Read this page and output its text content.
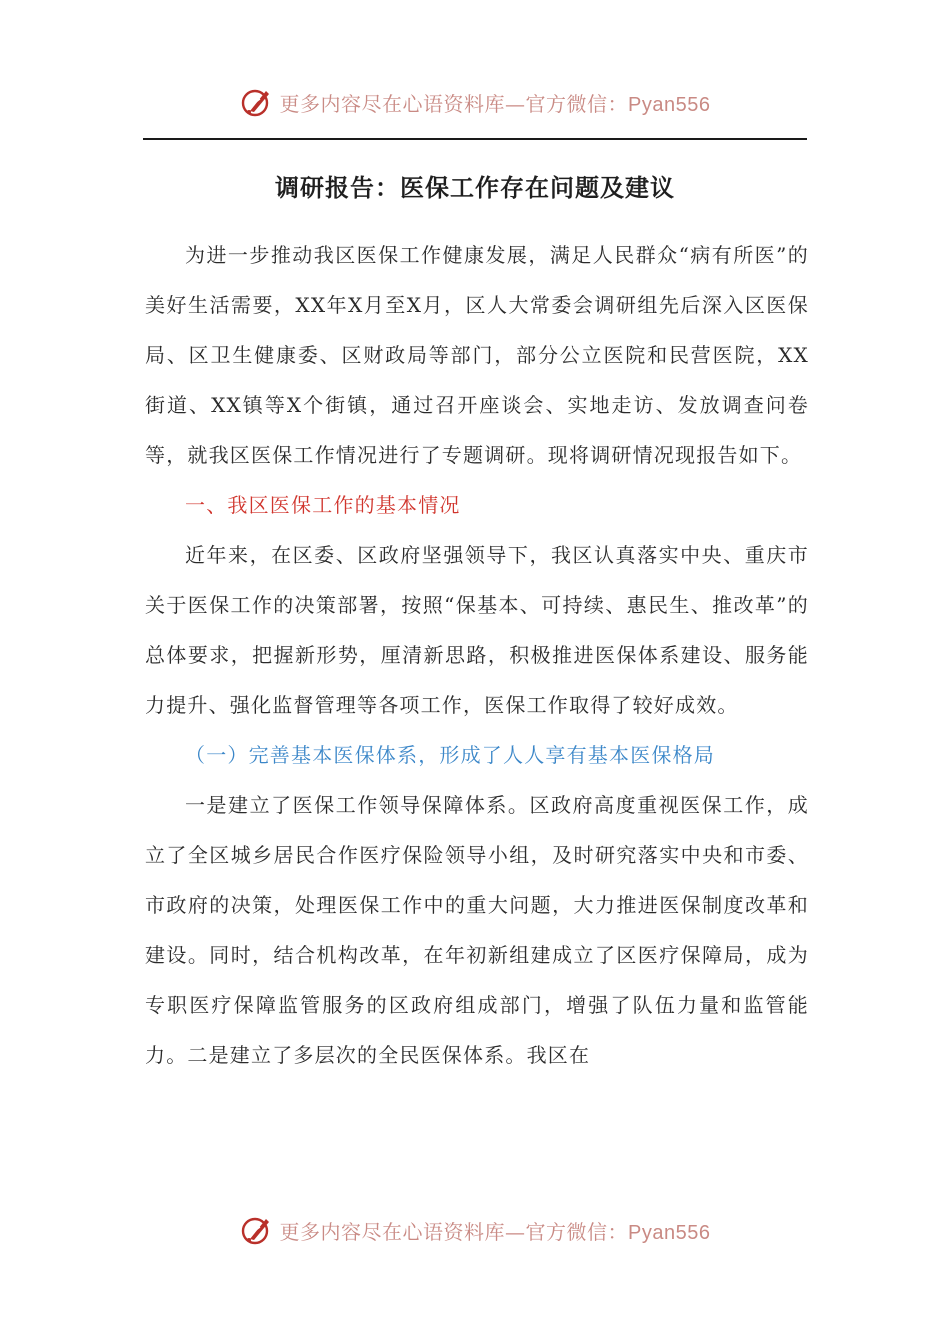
更多内容尽在心语资料库—官方微信：Pyan556
调研报告：医保工作存在问题及建议

为进一步推动我区医保工作健康发展，满足人民群众“病有所医”的美好生活需要，XX年X月至X月，区人大常委会调研组先后深入区医保局、区卫生健康委、区财政局等部门，部分公立医院和民营医院，XX街道、XX镇等X个街镇，通过召开座谈会、实地走访、发放调查问卷等，就我区医保工作情况进行了专题调研。现将调研情况现报告如下。

一、我区医保工作的基本情况

近年来，在区委、区政府坚强领导下，我区认真落实中央、重庆市关于医保工作的决策部署，按照“保基本、可持续、惠民生、推改革”的总体要求，把握新形势，厘清新思路，积极推进医保体系建设、服务能力提升、强化监督管理等各项工作，医保工作取得了较好成效。

（一）完善基本医保体系，形成了人人享有基本医保格局

一是建立了医保工作领导保障体系。区政府高度重视医保工作，成立了全区城乡居民合作医疗保险领导小组，及时研究落实中央和市委、市政府的决策，处理医保工作中的重大问题，大力推进医保制度改革和建设。同时，结合机构改革，在年初新组建成立了区医疗保障局，成为专职医疗保障监管服务的区政府组成部门，增强了队伍力量和监管能力。二是建立了多层次的全民医保体系。我区在

更多内容尽在心语资料库—官方微信：Pyan556
